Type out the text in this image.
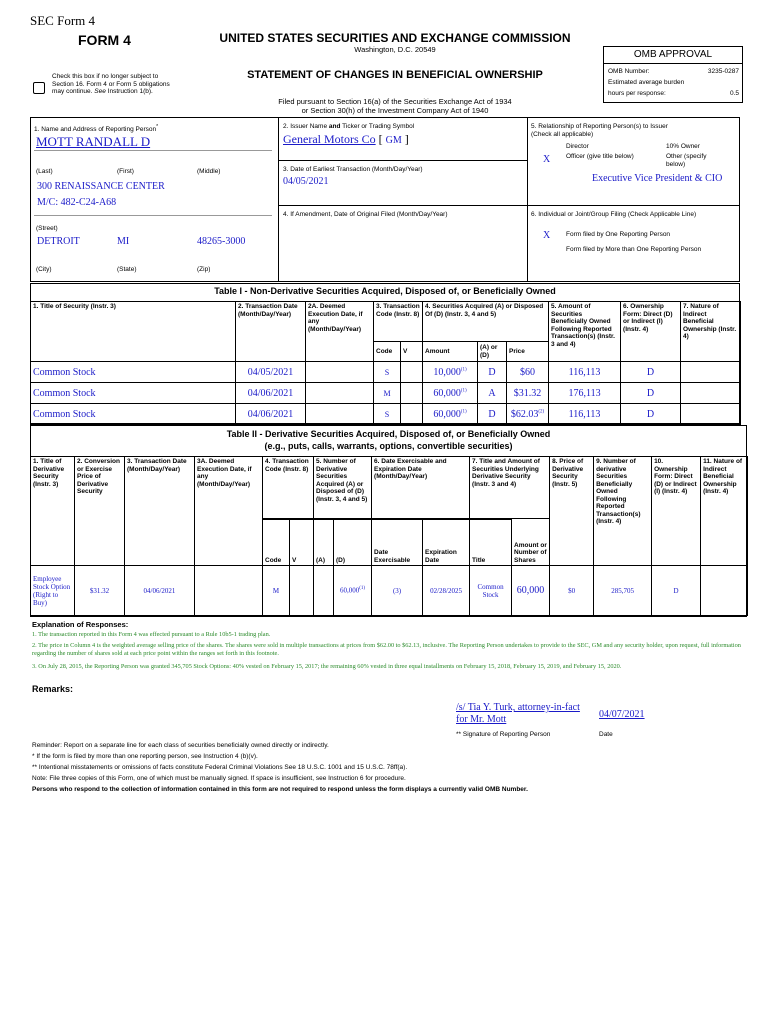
SEC Form 4
FORM 4	UNITED STATES SECURITIES AND EXCHANGE COMMISSION
Washington, D.C. 20549
STATEMENT OF CHANGES IN BENEFICIAL OWNERSHIP
Filed pursuant to Section 16(a) of the Securities Exchange Act of 1934
or Section 30(h) of the Investment Company Act of 1940
Check this box if no longer subject to Section 16. Form 4 or Form 5 obligations may continue. See Instruction 1(b).
OMB APPROVAL
OMB Number:	3235-0287
Estimated average burden
hours per response:	0.5
1. Name and Address of Reporting Person*
MOTT RANDALL D
(Last)	(First)	(Middle)
300 RENAISSANCE CENTER
M/C: 482-C24-A68
(Street)
DETROIT	MI	48265-3000
(City)	(State)	(Zip)
2. Issuer Name and Ticker or Trading Symbol
General Motors Co [ GM ]
3. Date of Earliest Transaction (Month/Day/Year)
04/05/2021
4. If Amendment, Date of Original Filed (Month/Day/Year)
5. Relationship of Reporting Person(s) to Issuer
(Check all applicable)
Director	10% Owner
X Officer (give title below)	Other (specify below)
Executive Vice President & CIO
6. Individual or Joint/Group Filing (Check Applicable Line)
X Form filed by One Reporting Person
Form filed by More than One Reporting Person
Table I - Non-Derivative Securities Acquired, Disposed of, or Beneficially Owned
1. Title of Security (Instr. 3)	2. Transaction Date (Month/Day/Year)	2A. Deemed Execution Date, if any (Month/Day/Year)	3. Transaction Code (Instr. 8)		4. Securities Acquired (A) or Disposed Of (D) (Instr. 3, 4 and 5)			5. Amount of Securities Beneficially Owned Following Reported Transaction(s) (Instr. 3 and 4)	6. Ownership Form: Direct (D) or Indirect (I) (Instr. 4)	7. Nature of Indirect Beneficial Ownership (Instr. 4)
			Code	V	Amount	(A) or (D)	Price			
Common Stock	04/05/2021		S		10,000$^{(1)}$	D	$60	116,113	D	
Common Stock	04/06/2021		M		60,000$^{(1)}$	A	$31.32	176,113	D	
Common Stock	04/06/2021		S		60,000$^{(1)}$	D	$62.03$^{(2)}$	116,113	D	
Table II - Derivative Securities Acquired, Disposed of, or Beneficially Owned
(e.g., puts, calls, warrants, options, convertible securities)
1. Title of Derivative Security (Instr. 3)	2. Conversion or Exercise Price of Derivative Security	3. Transaction Date (Month/Day/Year)	3A. Deemed Execution Date, if any (Month/Day/Year)	4. Transaction Code (Instr. 8)		5. Number of Derivative Securities Acquired (A) or Disposed of (D) (Instr. 3, 4 and 5)		6. Date Exercisable and Expiration Date (Month/Day/Year)		7. Title and Amount of Securities Underlying Derivative Security (Instr. 3 and 4)		8. Price of Derivative Security (Instr. 5)	9. Number of derivative Securities Beneficially Owned Following Reported Transaction(s) (Instr. 4)	10. Ownership Form: Direct (D) or Indirect (I) (Instr. 4)	11. Nature of Indirect Beneficial Ownership (Instr. 4)
											Amount or Number of Shares				
				Code	V	(A)	(D)	Date Exercisable	Expiration Date	Title					
Employee Stock Option (Right to Buy)	$31.32	04/06/2021		M			60,000$^{(1)}$	(3)	02/28/2025	Common Stock	60,000	$0	285,705	D	
Explanation of Responses:
1. The transaction reported in this Form 4 was effected pursuant to a Rule 10b5-1 trading plan.
2. The price in Column 4 is the weighted average selling price of the shares. The shares were sold in multiple transactions at prices from $62.00 to $62.13, inclusive. The Reporting Person undertakes to provide to the SEC, GM and any security holder, upon request, full information regarding the number of shares sold at each price point within the ranges set forth in this footnote.
3. On July 28, 2015, the Reporting Person was granted 345,705 Stock Options: 40% vested on February 15, 2017; the remaining 60% vested in three equal installments on February 15, 2018, February 15, 2019, and February 15, 2020.
Remarks:
/s/ Tia Y. Turk, attorney-in-fact for Mr. Mott	04/07/2021
** Signature of Reporting Person	Date
Reminder: Report on a separate line for each class of securities beneficially owned directly or indirectly.
* If the form is filed by more than one reporting person, see Instruction 4 (b)(v).
** Intentional misstatements or omissions of facts constitute Federal Criminal Violations See 18 U.S.C. 1001 and 15 U.S.C. 78ff(a).
Note: File three copies of this Form, one of which must be manually signed. If space is insufficient, see Instruction 6 for procedure.
Persons who respond to the collection of information contained in this form are not required to respond unless the form displays a currently valid OMB Number.
